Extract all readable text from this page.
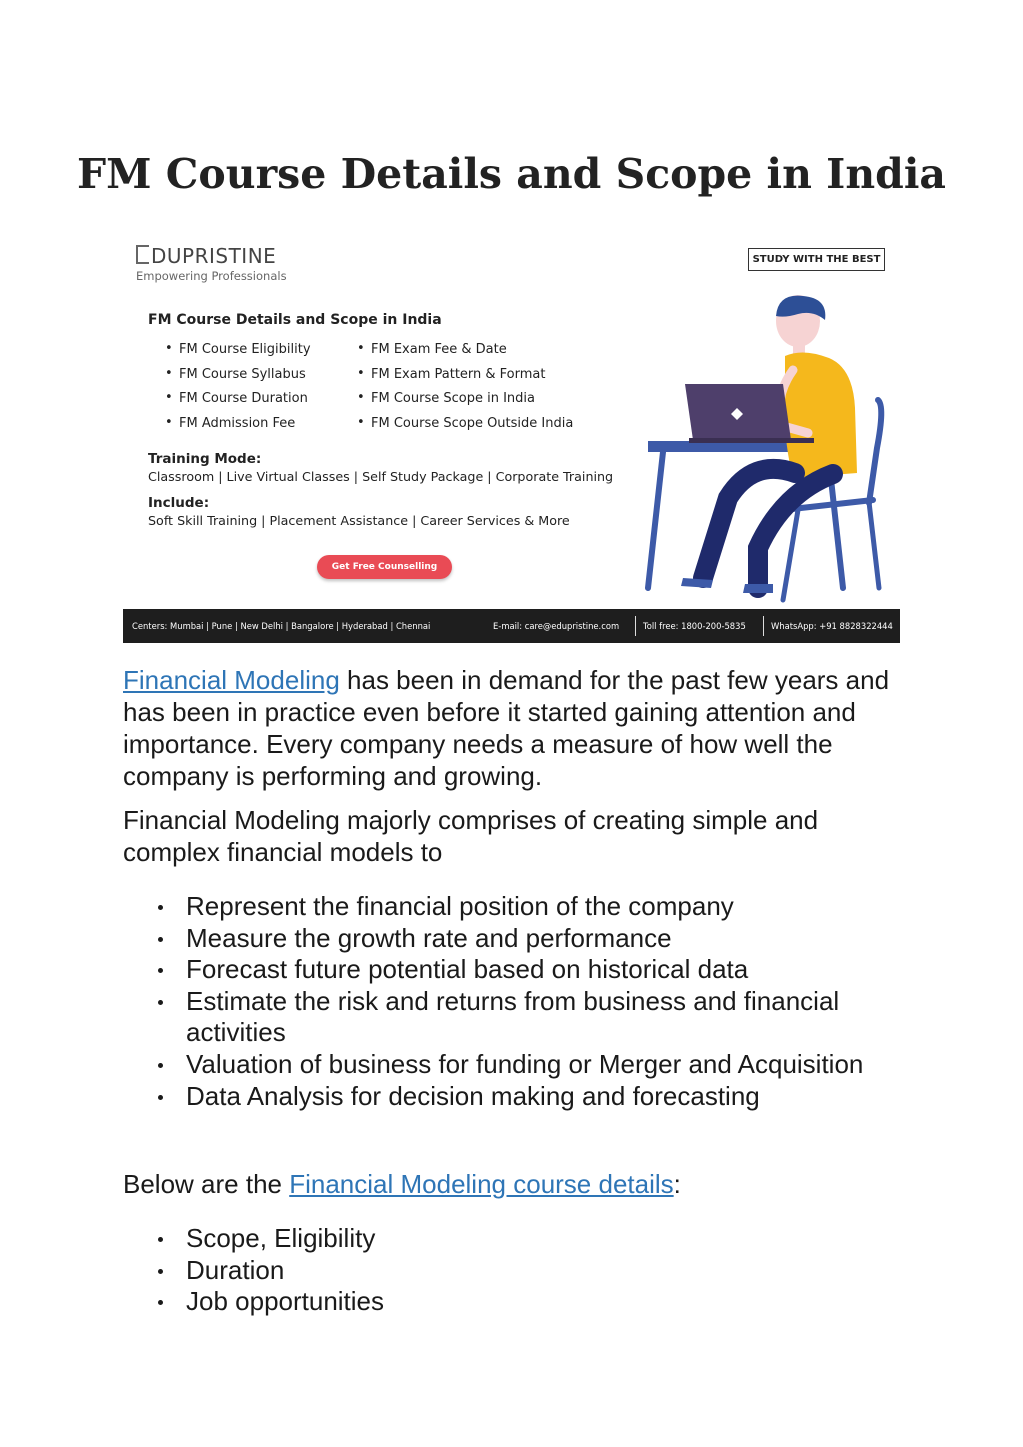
FM Course Details and Scope in India
DUPRISTINE
Empowering Professionals
STUDY WITH THE BEST
FM Course Details and Scope in India
• FM Course Eligibility
• FM Course Syllabus
• FM Course Duration
• FM Admission Fee
• FM Exam Fee & Date
• FM Exam Pattern & Format
• FM Course Scope in India
• FM Course Scope Outside India
Training Mode:
Classroom | Live Virtual Classes | Self Study Package | Corporate Training
Include:
Soft Skill Training | Placement Assistance | Career Services & More
Get Free Counselling
Centers: Mumbai | Pune | New Delhi | Bangalore | Hyderabad | Chennai	E-mail: care@edupristine.com	Toll free: 1800-200-5835	WhatsApp: +91 8828322444

Financial Modeling has been in demand for the past few years and has been in practice even before it started gaining attention and importance. Every company needs a measure of how well the company is performing and growing.

Financial Modeling majorly comprises of creating simple and complex financial models to

Represent the financial position of the company
Measure the growth rate and performance
Forecast future potential based on historical data
Estimate the risk and returns from business and financial activities
Valuation of business for funding or Merger and Acquisition
Data Analysis for decision making and forecasting

Below are the Financial Modeling course details:

Scope, Eligibility
Duration
Job opportunities
